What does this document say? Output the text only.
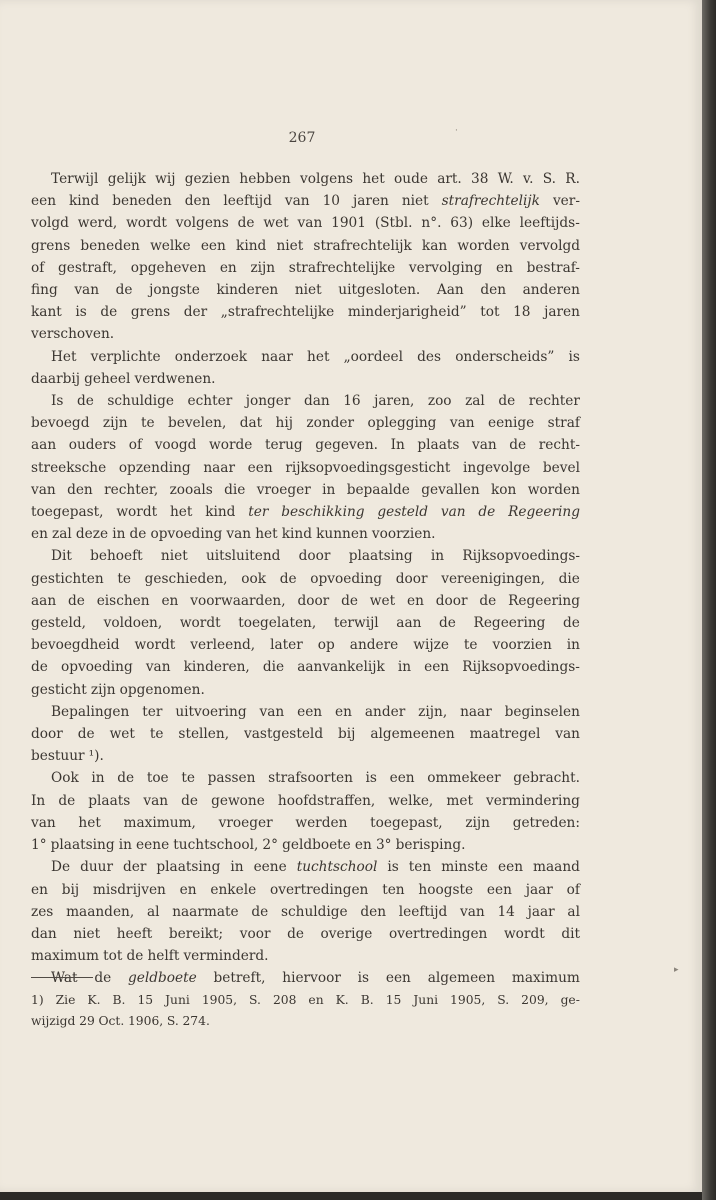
267
Terwijl gelijk wij gezien hebben volgens het oude art. 38 W. v. S. R.
een kind beneden den leeftijd van 10 jaren niet strafrechtelijk ver-
volgd werd, wordt volgens de wet van 1901 (Stbl. n°. 63) elke leeftijds-
grens beneden welke een kind niet strafrechtelijk kan worden vervolgd
of gestraft, opgeheven en zijn strafrechtelijke vervolging en bestraf-
fing van de jongste kinderen niet uitgesloten. Aan den anderen
kant is de grens der „strafrechtelijke minderjarigheid” tot 18 jaren
verschoven.
Het verplichte onderzoek naar het „oordeel des onderscheids” is
daarbij geheel verdwenen.
Is de schuldige echter jonger dan 16 jaren, zoo zal de rechter
bevoegd zijn te bevelen, dat hij zonder oplegging van eenige straf
aan ouders of voogd worde terug gegeven. In plaats van de recht-
streeksche opzending naar een rijksopvoedingsgesticht ingevolge bevel
van den rechter, zooals die vroeger in bepaalde gevallen kon worden
toegepast, wordt het kind ter beschikking gesteld van de Regeering
en zal deze in de opvoeding van het kind kunnen voorzien.
Dit behoeft niet uitsluitend door plaatsing in Rijksopvoedings-
gestichten te geschieden, ook de opvoeding door vereenigingen, die
aan de eischen en voorwaarden, door de wet en door de Regeering
gesteld, voldoen, wordt toegelaten, terwijl aan de Regeering de
bevoegdheid wordt verleend, later op andere wijze te voorzien in
de opvoeding van kinderen, die aanvankelijk in een Rijksopvoedings-
gesticht zijn opgenomen.
Bepalingen ter uitvoering van een en ander zijn, naar beginselen
door de wet te stellen, vastgesteld bij algemeenen maatregel van
bestuur ¹).
Ook in de toe te passen strafsoorten is een ommekeer gebracht.
In de plaats van de gewone hoofdstraffen, welke, met vermindering
van het maximum, vroeger werden toegepast, zijn getreden:
1° plaatsing in eene tuchtschool, 2° geldboete en 3° berisping.
De duur der plaatsing in eene tuchtschool is ten minste een maand
en bij misdrijven en enkele overtredingen ten hoogste een jaar of
zes maanden, al naarmate de schuldige den leeftijd van 14 jaar al
dan niet heeft bereikt; voor de overige overtredingen wordt dit
maximum tot de helft verminderd.
Wat de geldboete betreft, hiervoor is een algemeen maximum
1) Zie K. B. 15 Juni 1905, S. 208 en K. B. 15 Juni 1905, S. 209, ge-
wijzigd 29 Oct. 1906, S. 274.
·
▸
